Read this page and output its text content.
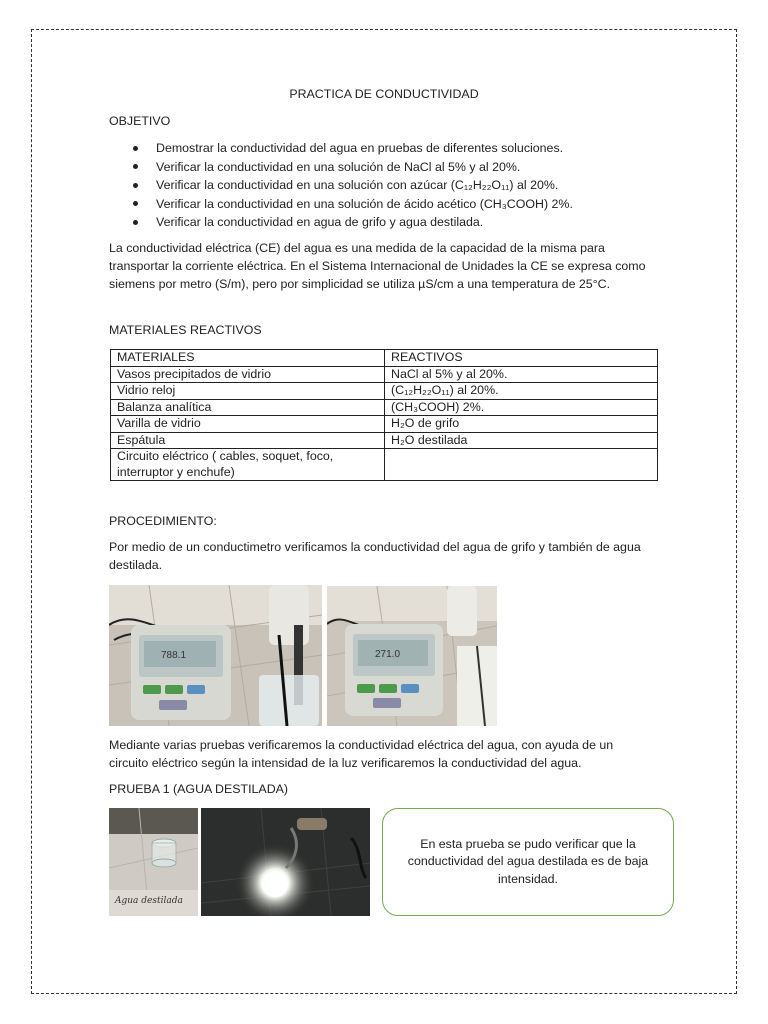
PRACTICA DE CONDUCTIVIDAD
OBJETIVO
Demostrar la conductividad del agua en pruebas de diferentes soluciones.
Verificar la conductividad en una solución de NaCl al 5% y al 20%.
Verificar la conductividad en una solución con azúcar (C₁₂H₂₂O₁₁) al 20%.
Verificar la conductividad en una solución de ácido acético (CH₃COOH) 2%.
Verificar la conductividad en agua de grifo y agua destilada.
La conductividad eléctrica (CE) del agua es una medida de la capacidad de la misma para transportar la corriente eléctrica. En el Sistema Internacional de Unidades la CE se expresa como siemens por metro (S/m), pero por simplicidad se utiliza µS/cm a una temperatura de 25°C.
MATERIALES REACTIVOS
MATERIALES	REACTIVOS
Vasos precipitados de vidrio	NaCl al 5% y al 20%.
Vidrio reloj	(C₁₂H₂₂O₁₁) al 20%.
Balanza analítica	(CH₃COOH) 2%.
Varilla de vidrio	H₂O de grifo
Espátula	H₂O destilada
Circuito eléctrico ( cables, soquet, foco, interruptor y enchufe)	
PROCEDIMIENTO:
Por medio de un conductimetro verificamos la conductividad del agua de grifo y también de agua destilada.
788.1	271.0
Mediante varias pruebas verificaremos la conductividad eléctrica del agua, con ayuda de un circuito eléctrico según la intensidad de la luz verificaremos la conductividad del agua.
PRUEBA 1 (AGUA DESTILADA)
Agua destilada
En esta prueba se pudo verificar que la conductividad del agua destilada es de baja intensidad.
